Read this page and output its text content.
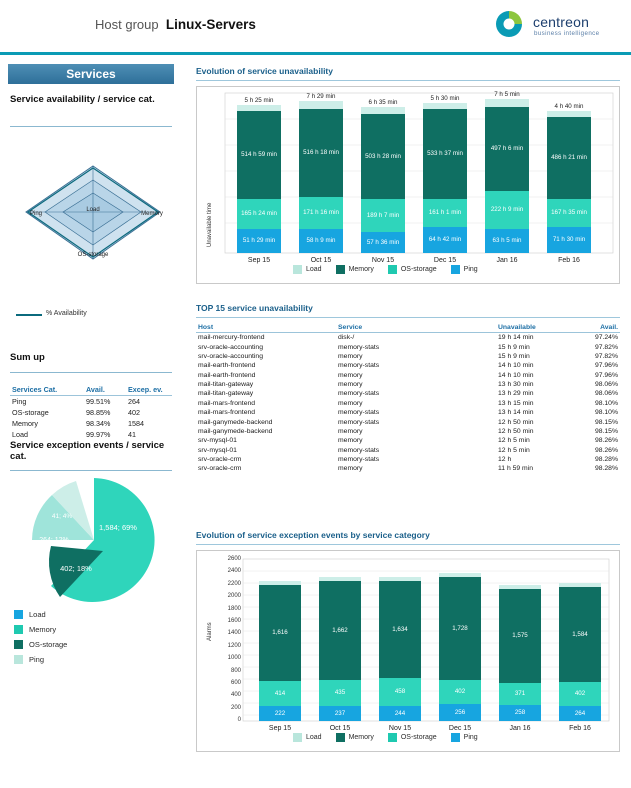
Host group Linux-Servers	centreon
business intelligence
Services
Service availability / service cat.
Load
Memory
OS-storage
Ping
% Availability
Sum up
Services Cat.	Avail.	Excep. ev.
Ping	99.51%	264
OS-storage	98.85%	402
Memory	98.34%	1584
Load	99.97%	41
Service exception events / service cat.
1,584; 69%
402; 18%
264; 12%
41; 4%
Load
Memory
OS-storage
Ping
Evolution of service unavailability
Unavailable time
5 h 25 min
514 h 59 min
165 h 24 min
51 h 29 min
7 h 29 min
516 h 18 min
171 h 16 min
58 h 9 min
6 h 35 min
503 h 28 min
189 h 7 min
57 h 36 min
5 h 30 min
533 h 37 min
161 h 1 min
64 h 42 min
7 h 5 min
497 h 6 min
222 h 9 min
63 h 5 min
4 h 40 min
486 h 21 min
167 h 35 min
71 h 30 min
Sep 15	Oct 15	Nov 15	Dec 15	Jan 16	Feb 16
Load	Memory	OS-storage	Ping
TOP 15 service unavailability
Host	Service	Unavailable	Avail.
mail-mercury-frontend	disk-/	19 h 14 min	97.24%
srv-oracle-accounting	memory-stats	15 h 9 min	97.82%
srv-oracle-accounting	memory	15 h 9 min	97.82%
mail-earth-frontend	memory-stats	14 h 10 min	97.96%
mail-earth-frontend	memory	14 h 10 min	97.96%
mail-titan-gateway	memory	13 h 30 min	98.06%
mail-titan-gateway	memory-stats	13 h 29 min	98.06%
mail-mars-frontend	memory	13 h 15 min	98.10%
mail-mars-frontend	memory-stats	13 h 14 min	98.10%
mail-ganymede-backend	memory-stats	12 h 50 min	98.15%
mail-ganymede-backend	memory	12 h 50 min	98.15%
srv-mysql-01	memory	12 h 5 min	98.26%
srv-mysql-01	memory-stats	12 h 5 min	98.26%
srv-oracle-crm	memory-stats	12 h	98.28%
srv-oracle-crm	memory	11 h 59 min	98.28%
Evolution of service exception events by service category
Alarms
2600
2400
2200
2000
1800
1600
1400
1200
1000
800
600
400
200
0
1,616	1,662	1,634	1,728
1,575	1,584
414	435	458	402	371	402
222	237	244	256	258	264
Sep 15	Oct 15	Nov 15	Dec 15	Jan 16	Feb 16
Load	Memory	OS-storage	Ping
